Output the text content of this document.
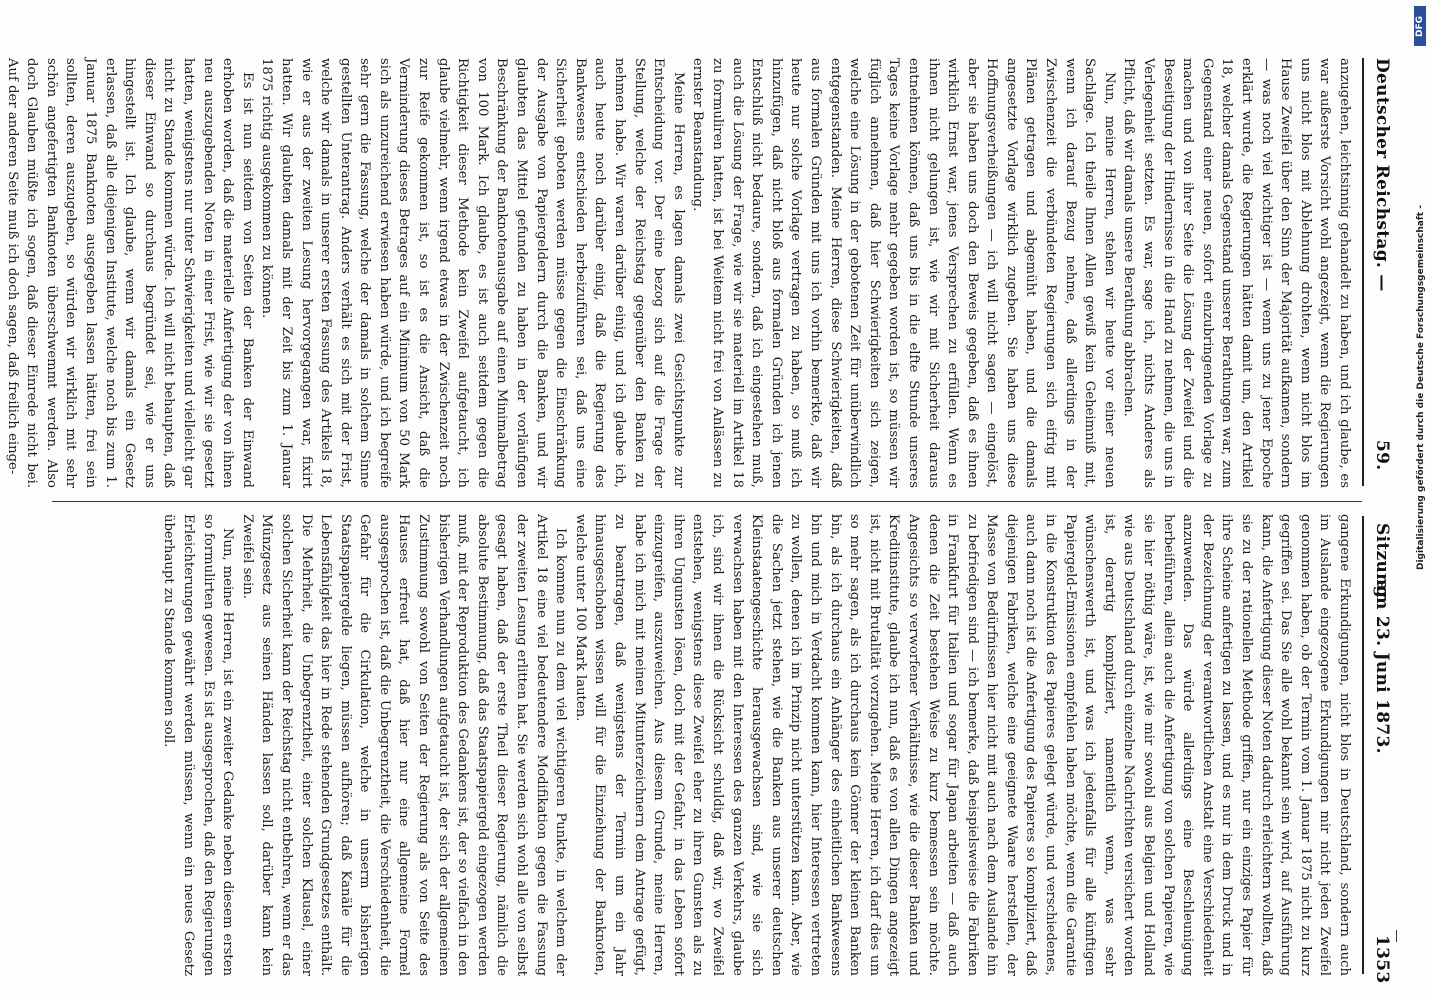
Deutscher Reichstag. —
59.
Sitzung
am 23. Juni 1873.
1353

anzugehen, leichtsinnig gehandelt zu haben, und ich glaube, es war außerste Vorsicht wohl angezeigt, wenn die Regierungen uns nicht blos mit Ablehnung drohten, wenn nicht blos im Hause Zweifel über den Sinn der Majorität aufkamen, sondern — was noch viel wichtiger ist — wenn uns zu jener Epoche erklärt wurde, die Regierungen hätten damit um, den Artikel 18, welcher damals Gegenstand unserer Berathungen war, zum Gegenstand einer neuen, sofort einzubringenden Vorlage zu machen und von ihrer Seite die Lösung der Zweifel und die Beseitigung der Hindernisse in die Hand zu nehmen, die uns in Verlegenheit setzten. Es war, sage ich, nichts Anderes als Pflicht, daß wir damals unsere Berathung abbrachen.

Nun, meine Herren, stehen wir heute vor einer neuen Sachlage. Ich theile Ihnen Allen gewiß kein Geheimniß mit, wenn ich darauf Bezug nehme, daß allerdings in der Zwischenzeit die verbündeten Regierungen sich eifrig mit Plänen getragen und abgemüht haben, und die damals angesetzte Vorlage wirklich zugeben. Sie haben uns diese Hoffnungsverheißungen — ich will nicht sagen — eingelöst, aber sie haben uns doch den Beweis gegeben, daß es ihnen wirklich Ernst war, jenes Versprechen zu erfüllen. Wenn es ihnen nicht gelungen ist, wie wir mit Sicherheit daraus entnehmen können, daß uns bis in die elfte Stunde unseres Tages keine Vorlage mehr gegeben worden ist, so müssen wir füglich annehmen, daß hier Schwierigkeiten sich zeigen, welche eine Lösung in der gebotenen Zeit für unüberwindlich entgegenstanden. Meine Herren, diese Schwierigkeiten, daß aus formalen Gründen mit uns ich vorhin bemerkte, daß wir heute nur solche Vorlage vertragen zu haben, so muß ich hinzufügen, daß nicht bloß aus formalen Gründen ich jenen Entschluß nicht bedaure, sondern, daß ich eingestehen muß, auch die Lösung der Frage, wie wir sie materiell im Artikel 18 zu formuliren hatten, ist bei Weitem nicht frei von Anlässen zu ernster Beanstandung.

Meine Herren, es lagen damals zwei Gesichtspunkte zur Entscheidung vor. Der eine bezog sich auf die Frage der Stellung, welche der Reichstag gegenüber den Banken zu nehmen habe. Wir waren darüber einig, und ich glaube ich, auch heute noch darüber einig, daß die Regierung des Bankwesens entschieden herbeizuführen sei, daß uns eine Sicherheit geboten werden müsse gegen die Einschränkung der Ausgabe von Papiergeldern durch die Banken, und wir glaubten das Mittel gefunden zu haben in der vorläufigen Beschränkung der Banknotenausgabe auf einen Minimalbetrag von 100 Mark. Ich glaube, es ist auch seitdem gegen die Richtigkeit dieser Methode kein Zweifel aufgetaucht, ich glaube vielmehr, wenn irgend etwas in der Zwischenzeit noch zur Reife gekommen ist, so ist es die Ansicht, daß die Verminderung dieses Betrages auf ein Minimum von 50 Mark sich als unzureichend erwiesen haben würde, und ich begreife sehr gern die Fassung, welche der damals in solchem Sinne gestellten Unterantrag. Anders verhält es sich mit der Frist, welche wir damals in unserer ersten Fassung des Artikels 18, wie er aus der zweiten Lesung hervorgegangen war, fixirt hatten. Wir glaubten damals mit der Zeit bis zum 1. Januar 1875 richtig ausgekommen zu können.

Es ist nun seitdem von Seiten der Banken der Einwand erhoben worden, daß die materielle Anfertigung der von ihnen neu auszugebenden Noten in einer Frist, wie wir sie gesetzt hatten, wenigstens nur unter Schwierigkeiten und vielleicht gar nicht zu Stande kommen würde. Ich will nicht behaupten, daß dieser Einwand so durchaus begründet sei, wie er uns hingestellt ist. Ich glaube, wenn wir damals ein Gesetz erlassen, daß alle diejenigen Institute, welche noch bis zum 1. Januar 1875 Banknoten ausgegeben lassen hätten, frei sein sollten, deren auszugeben, so würden wir wirklich mit sehr schön angefertigten Banknoten überschwemmt werden. Also doch Glauben müßte ich sogen, daß dieser Einrede nicht bei. Auf der anderen Seite muß ich doch sagen, daß freilich einge-

gangene Erkundigungen, nicht blos in Deutschland, sondern auch im Auslande eingezogene Erkundigungen mir nicht jeden Zweifel genommen haben, ob der Termin vom 1. Januar 1875 nicht zu kurz gegriffen sei. Das Sie alle wohl bekannt sein wird, auf Ausführung kann, die Anfertigung dieser Noten dadurch erleichtern wollten, daß sie zu der rationellen Methode griffen, nur ein einziges Papier für ihre Scheine anfertigen zu lassen, und es nur in dem Druck und in der Bezeichnung der verantwortlichen Anstalt eine Verschiedenheit anzuwenden. Das würde allerdings eine Beschleunigung herbeiführen, allein auch die Anfertigung von solchen Papieren, wie sie hier nöthig wäre, ist, wie mir sowohl aus Belgien und Holland wie aus Deutschland durch einzelne Nachrichten versichert worden ist, derartig kompliziert, namentlich wenn, was sehr wünschenswerth ist, und was ich jedenfalls für alle künftigen Papiergeld-Emissionen empfehlen haben möchte, wenn die Garantie in die Konstruktion des Papieres gelegt würde, und verschiedenes, auch dann noch ist die Anfertigung des Papieres so kompliziert, daß diejenigen Fabriken, welche eine geeignete Waare herstellen, der Masse von Bedürfnissen hier nicht mit auch nach dem Auslande hin zu befriedigen sind — ich bemerke, daß beispielsweise die Fabriken in Frankfurt für Italien und sogar für Japan arbeiten — daß auch denen die Zeit bestehen Weise zu kurz bemessen sein möchte. Angesichts so verworfener Verhältnisse, wie die dieser Banken und Kreditinstitute, glaube ich nun, daß es von allen Dingen angezeigt ist, nicht mit Brutalität vorzugehen. Meine Herren, ich darf dies um so mehr sagen, als ich durchaus kein Gönner der kleinen Banken bin, als ich durchaus ein Anhänger des einheitlichen Bankwesens bin und mich in Verdacht kommen kann, hier Interessen vertreten zu wollen, denen ich im Prinzip nicht unterstützen kann. Aber, wie die Sachen jetzt stehen, wie die Banken aus unserer deutschen Kleinstaatengeschichte herausgewachsen sind, wie sie sich verwachsen haben mit den Interessen des ganzen Verkehrs, glaube ich, sind wir ihnen die Rücksicht schuldig, daß wir, wo Zweifel entstehen, wenigstens diese Zweifel eher zu ihren Gunsten als zu ihren Ungunsten lösen, doch mit der Gefahr, in das Leben sofort einzugreifen, auszuweichen. Aus diesem Grunde, meine Herren, habe ich mich mit meinen Mitunterzeichnern dem Antrage gefügt, zu beantragen, daß wenigstens der Termin um ein Jahr hinausgeschoben wissen will für die Einziehung der Banknoten, welche unter 100 Mark lauten.

Ich komme nun zu dem viel wichtigeren Punkte, in welchem der Artikel 18 eine viel bedeutendere Modifikation gegen die Fassung der zweiten Lesung erlitten hat. Sie werden sich wohl alle von selbst gesagt haben, daß der erste Theil dieser Regierung, nämlich die absolute Bestimmung, daß das Staatspapiergeld eingezogen werden muß, mit der Reproduktion des Gedankens ist, der so vielfach in den bisherigen Verhandlungen aufgetaucht ist, der sich der allgemeinen Zustimmung sowohl von Seiten der Regierung als von Seite des Hauses erfreut hat, daß hier nur eine allgemeine Formel ausgesprochen ist, daß die Unbegrenztheit, die Verschiedenheit, die Gefahr für die Cirkulation, welche in unserm bisherigen Staatspapiergelde liegen, müssen aufhören; daß Kanäle für die Lebensfähigkeit das hier in Rede stehenden Grundgesetzes enthält. Die Mehrheit, die Unbegrenztheit, einer solchen Klausel, einer solchen Sicherheit kann der Reichstag nicht entbehren, wenn er das Münzgesetz aus seinen Händen lassen soll, darüber kann kein Zweifel sein.

Nun, meine Herren, ist ein zweiter Gedanke neben diesem ersten so formulirten gewesen. Es ist ausgesprochen, daß den Regierungen Erleichterungen gewährt werden müssen, wenn ein neues Gesetz überhaupt zu Stande kommen soll.

DFG
Digitalisierung gefördert durch die Deutsche Forschungsgemeinschaft -
